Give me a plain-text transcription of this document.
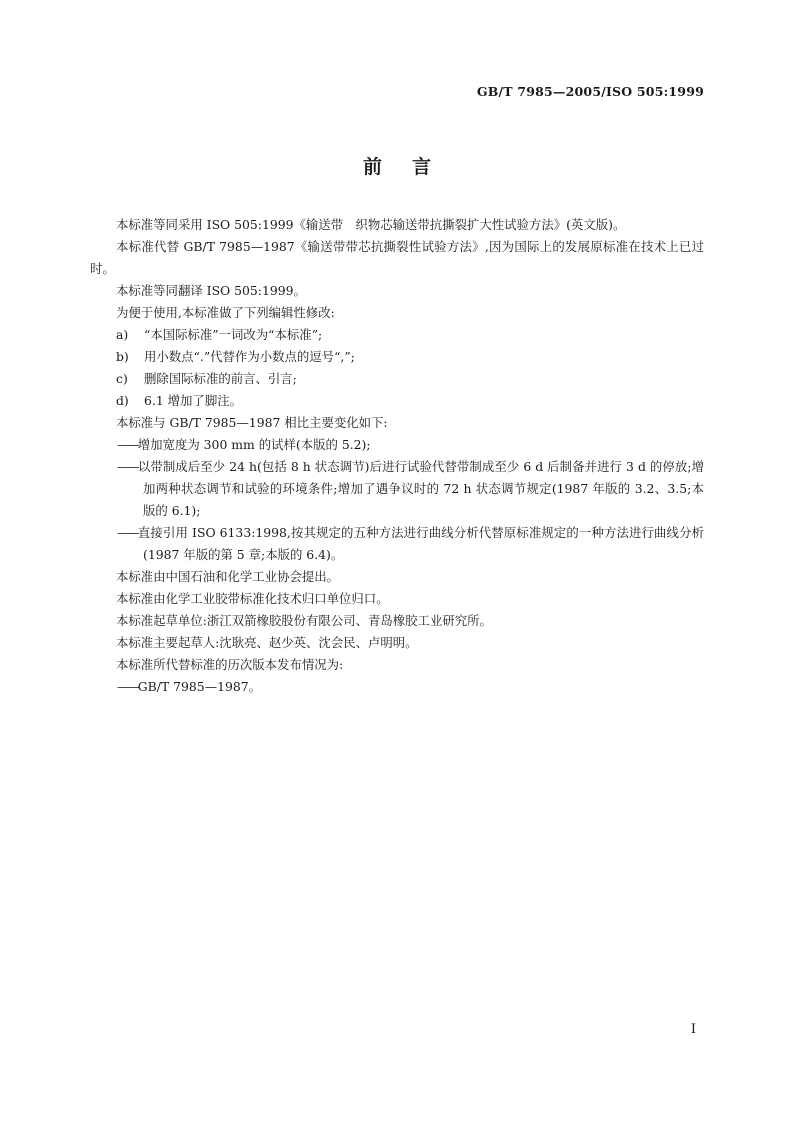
GB/T 7985—2005/ISO 505:1999
前言

本标准等同采用 ISO 505:1999《输送带　织物芯输送带抗撕裂扩大性试验方法》(英文版)。

本标准代替 GB/T 7985—1987《输送带带芯抗撕裂性试验方法》,因为国际上的发展原标准在技术上已过时。

本标准等同翻译 ISO 505:1999。

为便于使用,本标准做了下列编辑性修改:

a) “本国际标准”一词改为“本标准”;

b) 用小数点“.”代替作为小数点的逗号“,”;

c) 删除国际标准的前言、引言;

d) 6.1 增加了脚注。

本标准与 GB/T 7985—1987 相比主要变化如下:

——增加宽度为 300 mm 的试样(本版的 5.2);

——以带制成后至少 24 h(包括 8 h 状态调节)后进行试验代替带制成至少 6 d 后制备并进行 3 d 的停放;增加两种状态调节和试验的环境条件;增加了遇争议时的 72 h 状态调节规定(1987 年版的 3.2、3.5;本版的 6.1);

——直接引用 ISO 6133:1998,按其规定的五种方法进行曲线分析代替原标准规定的一种方法进行曲线分析(1987 年版的第 5 章;本版的 6.4)。

本标准由中国石油和化学工业协会提出。

本标准由化学工业胶带标准化技术归口单位归口。

本标准起草单位:浙江双箭橡胶股份有限公司、青岛橡胶工业研究所。

本标准主要起草人:沈耿亮、赵少英、沈会民、卢明明。

本标准所代替标准的历次版本发布情况为:

——GB/T 7985—1987。

I
